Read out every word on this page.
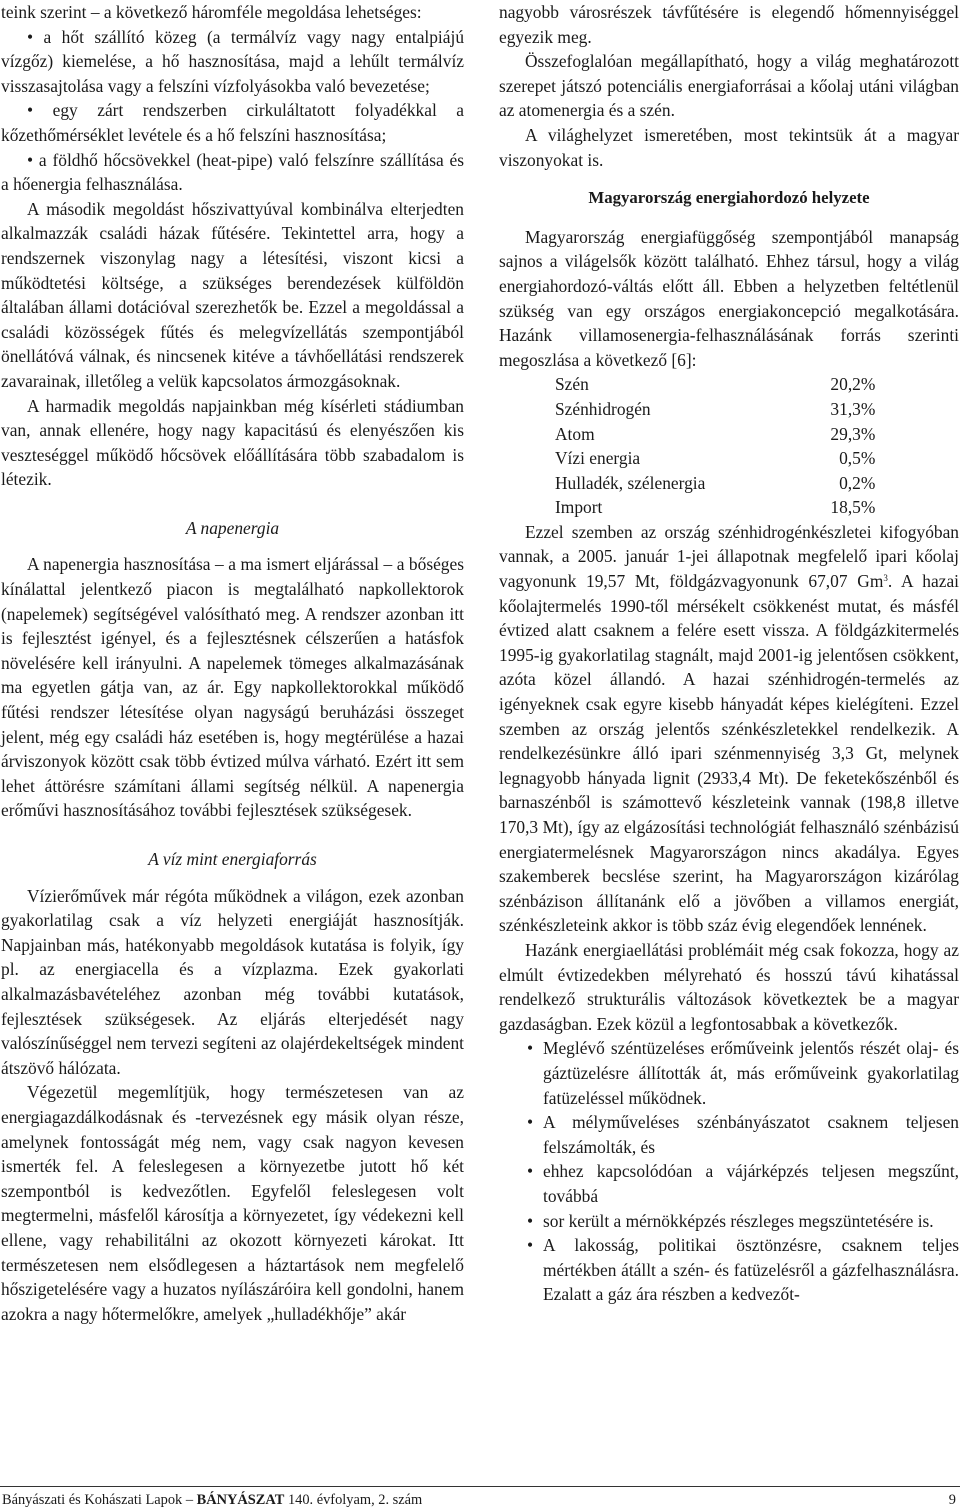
teink szerint – a következő háromféle megoldása lehetséges:

• a hőt szállító közeg (a termálvíz vagy nagy entalpiájú vízgőz) kiemelése, a hő hasznosítása, majd a lehűlt termálvíz visszasajtolása vagy a felszíni vízfolyásokba való bevezetése;
• egy zárt rendszerben cirkuláltatott folyadékkal a kőzethőmérséklet levétele és a hő felszíni hasznosítása;
• a földhő hőcsövekkel (heat-pipe) való felszínre szállítása és a hőenergia felhasználása.

A második megoldást hőszivattyúval kombinálva elterjedten alkalmazzák családi házak fűtésére. Tekintettel arra, hogy a rendszernek viszonylag nagy a létesítési, viszont kicsi a működtetési költsége, a szükséges berendezések külföldön általában állami dotációval szerezhetők be. Ezzel a megoldással a családi közösségek fűtés és melegvízellátás szempontjából önellátóvá válnak, és nincsenek kitéve a távhőellátási rendszerek zavarainak, illetőleg a velük kapcsolatos ármozgásoknak.

A harmadik megoldás napjainkban még kísérleti stádiumban van, annak ellenére, hogy nagy kapacitású és elenyészően kis veszteséggel működő hőcsövek előállítására több szabadalom is létezik.

A napenergia

A napenergia hasznosítása – a ma ismert eljárással – a bőséges kínálattal jelentkező piacon is megtalálható napkollektorok (napelemek) segítségével valósítható meg. A rendszer azonban itt is fejlesztést igényel, és a fejlesztésnek célszerűen a hatásfok növelésére kell irányulni. A napelemek tömeges alkalmazásának ma egyetlen gátja van, az ár. Egy napkollektorokkal működő fűtési rendszer létesítése olyan nagyságú beruházási összeget jelent, még egy családi ház esetében is, hogy megtérülése a hazai árviszonyok között csak több évtized múlva várható. Ezért itt sem lehet áttörésre számítani állami segítség nélkül. A napenergia erőművi hasznosításához további fejlesztések szükségesek.

A víz mint energiaforrás

Vízierőművek már régóta működnek a világon, ezek azonban gyakorlatilag csak a víz helyzeti energiáját hasznosítják. Napjainban más, hatékonyabb megoldások kutatása is folyik, így pl. az energiacella és a vízplazma. Ezek gyakorlati alkalmazásbavételéhez azonban még további kutatások, fejlesztések szükségesek. Az eljárás elterjedését nagy valószínűséggel nem tervezi segíteni az olajérdekeltségek mindent átszövő hálózata.

Végezetül megemlítjük, hogy természetesen van az energiagazdálkodásnak és -tervezésnek egy másik olyan része, amelynek fontosságát még nem, vagy csak nagyon kevesen ismerték fel. A feleslegesen a környezetbe jutott hő két szempontból is kedvezőtlen. Egyfelől feleslegesen volt megtermelni, másfelől károsítja a környezetet, így védekezni kell ellene, vagy rehabilitálni az okozott környezeti károkat. Itt természetesen nem elsődlegesen a háztartások nem megfelelő hőszigetelésére vagy a huzatos nyílászáróira kell gondolni, hanem azokra a nagy hőtermelőkre, amelyek „hulladékhője” akár

nagyobb városrészek távfűtésére is elegendő hőmennyiséggel egyezik meg.

Összefoglalóan megállapítható, hogy a világ meghatározott szerepet játszó potenciális energiaforrásai a kőolaj utáni világban az atomenergia és a szén.

A világhelyzet ismeretében, most tekintsük át a magyar viszonyokat is.

Magyarország energiahordozó helyzete

Magyarország energiafüggőség szempontjából manapság sajnos a világelsők között található. Ehhez társul, hogy a világ energiahordozó-váltás előtt áll. Ebben a helyzetben feltétlenül szükség van egy országos energiakoncepció megalkotására. Hazánk villamosenergia-felhasználásának forrás szerinti megoszlása a következő [6]:

Szén	20,2%
Szénhidrogén	31,3%
Atom	29,3%
Vízi energia	0,5%
Hulladék, szélenergia	0,2%
Import	18,5%

Ezzel szemben az ország szénhidrogénkészletei kifogyóban vannak, a 2005. január 1-jei állapotnak megfelelő ipari kőolaj vagyonunk 19,57 Mt, földgázvagyonunk 67,07 Gm$^3$. A hazai kőolajtermelés 1990-től mérsékelt csökkenést mutat, és másfél évtized alatt csaknem a felére esett vissza. A földgázkitermelés 1995-ig gyakorlatilag stagnált, majd 2001-ig jelentősen csökkent, azóta közel állandó. A hazai szénhidrogén-termelés az igényeknek csak egyre kisebb hányadát képes kielégíteni. Ezzel szemben az ország jelentős szénkészletekkel rendelkezik. A rendelkezésünkre álló ipari szénmennyiség 3,3 Gt, melynek legnagyobb hányada lignit (2933,4 Mt). De feketekőszénből és barnaszénből is számottevő készleteink vannak (198,8 illetve 170,3 Mt), így az elgázosítási technológiát felhasználó szénbázisú energiatermelésnek Magyarországon nincs akadálya. Egyes szakemberek becslése szerint, ha Magyarországon kizárólag szénbázison állítanánk elő a jövőben a villamos energiát, szénkészleteink akkor is több száz évig elegendőek lennének.

Hazánk energiaellátási problémáit még csak fokozza, hogy az elmúlt évtizedekben mélyreható és hosszú távú kihatással rendelkező strukturális változások következtek be a magyar gazdaságban. Ezek közül a legfontosabbak a következők.

• Meglévő széntüzeléses erőműveink jelentős részét olaj- és gáztüzelésre állították át, más erőműveink gyakorlatilag fatüzeléssel működnek.
• A mélyműveléses szénbányászatot csaknem teljesen felszámolták, és
• ehhez kapcsolódóan a vájárképzés teljesen megszűnt, továbbá
• sor került a mérnökképzés részleges megszüntetésére is.
• A lakosság, politikai ösztönzésre, csaknem teljes mértékben átállt a szén- és fatüzelésről a gázfelhasználásra. Ezalatt a gáz ára részben a kedvezőt-
Bányászati és Kohászati Lapok – BÁNYÁSZAT 140. évfolyam, 2. szám	9
